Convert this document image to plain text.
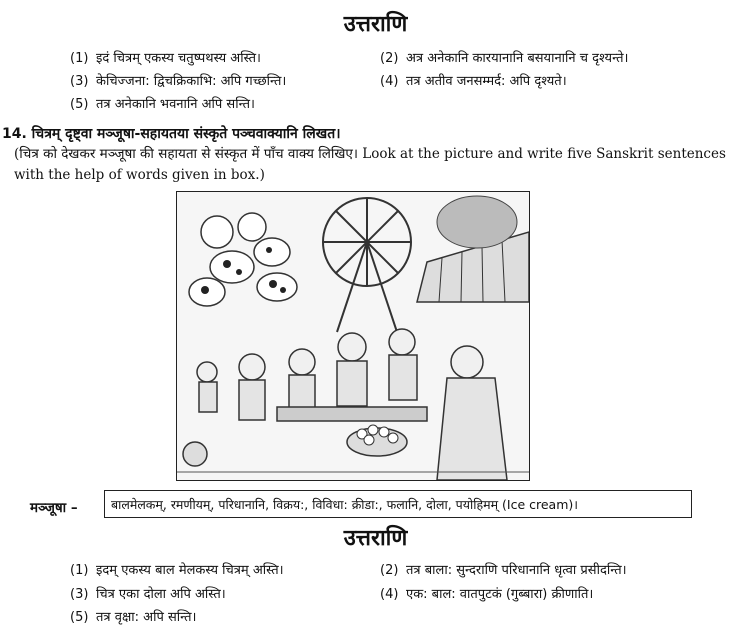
उत्तराणि
(1) इदं चित्रम् एकस्य चतुष्पथस्य अस्ति।	(2) अत्र अनेकानि कारयानानि बसयानानि च दृश्यन्ते।
(3) केचिज्जना: द्विचक्रिकाभि: अपि गच्छन्ति।	(4) तत्र अतीव जनसम्मर्द: अपि दृश्यते।
(5) तत्र अनेकानि भवनानि अपि सन्ति।
14. चित्रम् दृष्ट्वा मञ्जूषा-सहायतया संस्कृते पञ्चवाक्यानि लिखत।
(चित्र को देखकर मञ्जूषा की सहायता से संस्कृत में पाँच वाक्य लिखिए। Look at the picture and write five Sanskrit sentences with the help of words given in box.)
मञ्जूषा –	बालमेलकम्, रमणीयम्, परिधानानि, विक्रय:, विविधा: क्रीडा:, फलानि, दोला, पयोहिमम् (Ice cream)।
उत्तराणि
(1) इदम् एकस्य बाल मेलकस्य चित्रम् अस्ति।	(2) तत्र बाला: सुन्दराणि परिधानानि धृत्वा प्रसीदन्ति।
(3) चित्र एका दोला अपि अस्ति।	(4) एक: बाल: वातपुटकं (गुब्बारा) क्रीणाति।
(5) तत्र वृक्षा: अपि सन्ति।
